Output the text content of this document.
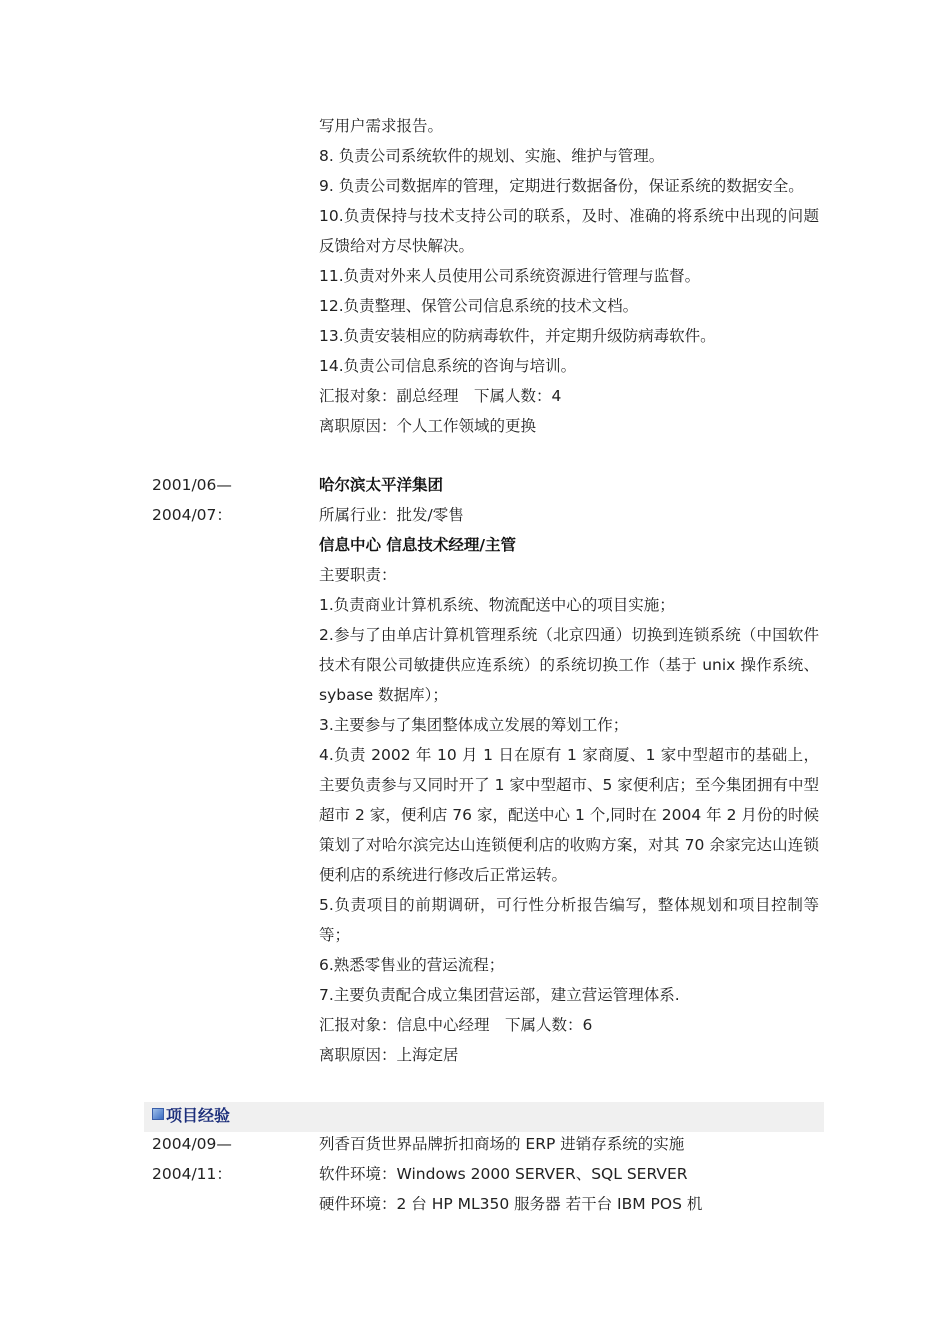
写用户需求报告。
8. 负责公司系统软件的规划、实施、维护与管理。
9. 负责公司数据库的管理，定期进行数据备份，保证系统的数据安全。
10.负责保持与技术支持公司的联系，及时、准确的将系统中出现的问题反馈给对方尽快解决。
11.负责对外来人员使用公司系统资源进行管理与监督。
12.负责整理、保管公司信息系统的技术文档。
13.负责安装相应的防病毒软件，并定期升级防病毒软件。
14.负责公司信息系统的咨询与培训。
汇报对象：副总经理　下属人数：4
离职原因：个人工作领域的更换
2001/06—
2004/07：
哈尔滨太平洋集团
所属行业：批发/零售
信息中心 信息技术经理/主管
主要职责：
1.负责商业计算机系统、物流配送中心的项目实施；
2.参与了由单店计算机管理系统（北京四通）切换到连锁系统（中国软件技术有限公司敏捷供应连系统）的系统切换工作（基于 unix 操作系统、sybase 数据库）；
3.主要参与了集团整体成立发展的筹划工作；
4.负责 2002 年 10 月 1 日在原有 1 家商厦、1 家中型超市的基础上，主要负责参与又同时开了 1 家中型超市、5 家便利店；至今集团拥有中型超市 2 家，便利店 76 家，配送中心 1 个,同时在 2004 年 2 月份的时候策划了对哈尔滨完达山连锁便利店的收购方案，对其 70 余家完达山连锁便利店的系统进行修改后正常运转。
5.负责项目的前期调研，可行性分析报告编写，整体规划和项目控制等等；
6.熟悉零售业的营运流程；
7.主要负责配合成立集团营运部，建立营运管理体系.
汇报对象：信息中心经理　下属人数：6
离职原因：上海定居
项目经验
2004/09—
2004/11：
列香百货世界品牌折扣商场的 ERP 进销存系统的实施
软件环境：Windows 2000 SERVER、SQL SERVER
硬件环境：2 台 HP ML350 服务器 若干台 IBM POS 机
